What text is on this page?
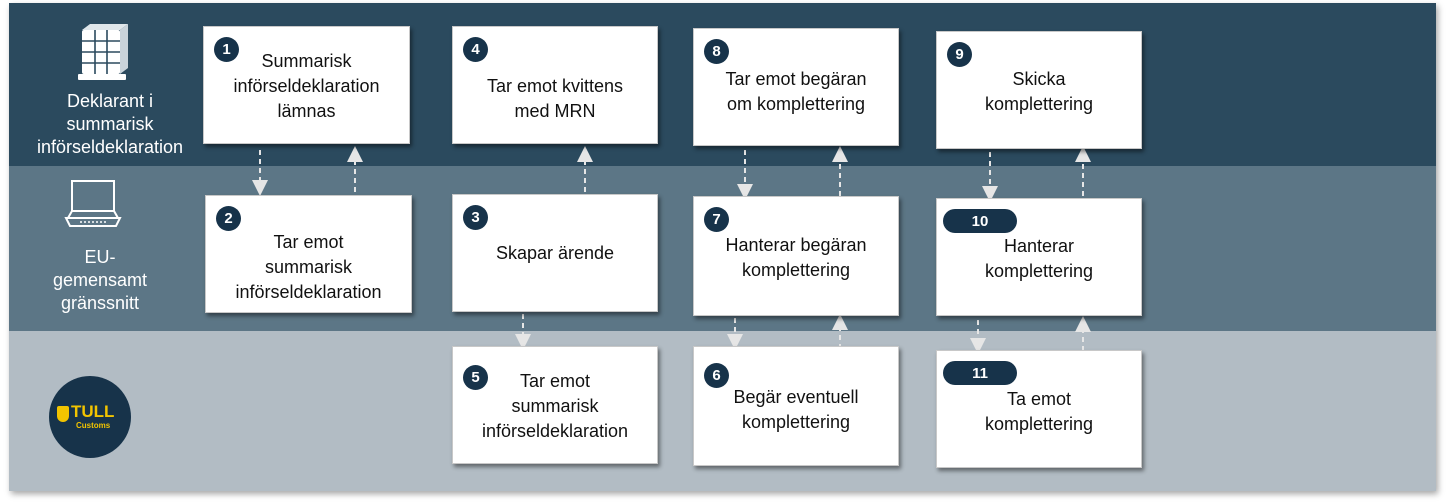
Deklarant i
summarisk
införseldeklaration
EU-
gemensamt
gränssnitt
TULL
Customs
1
Summarisk
införseldeklaration
lämnas
2
Tar emot
summarisk
införseldeklaration
3
Skapar ärende
4
Tar emot kvittens
med MRN
5	Tar emot
summarisk
införseldeklaration
6
Begär eventuell
komplettering
7
Hanterar begäran
komplettering
8
Tar emot begäran
om komplettering
9
Skicka
komplettering
10
Hanterar
komplettering
11
Ta emot
komplettering
